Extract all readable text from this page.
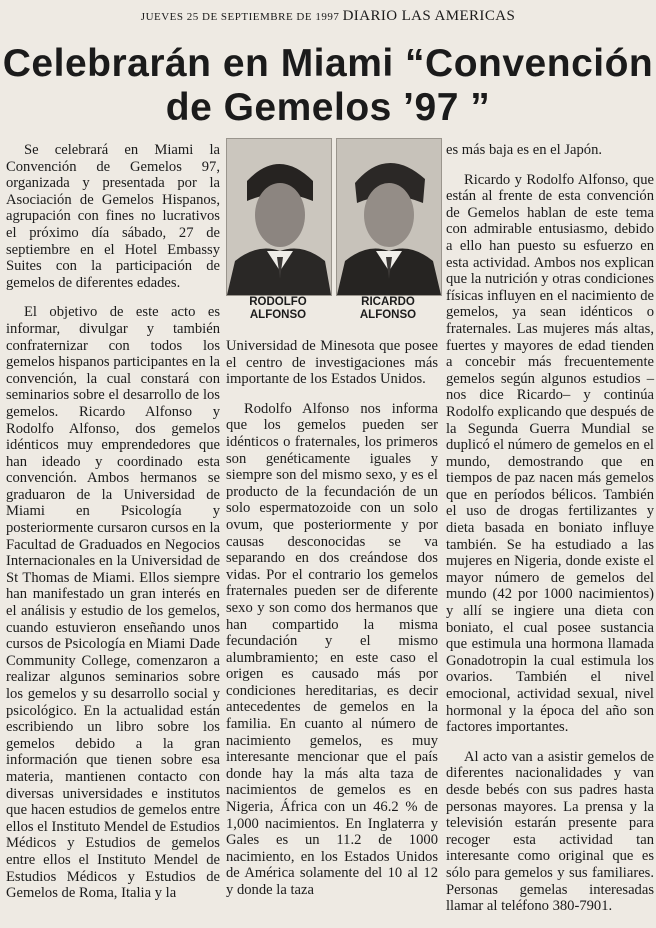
JUEVES 25 DE SEPTIEMBRE DE 1997 DIARIO LAS AMERICAS
Celebrarán en Miami “Convención
de Gemelos ’97 ”

Se celebrará en Miami la Convención de Gemelos 97, organizada y presentada por la Asociación de Gemelos Hispanos, agrupación con fines no lucrativos el próximo día sábado, 27 de septiembre en el Hotel Embassy Suites con la participación de gemelos de diferentes edades.

El objetivo de este acto es informar, divulgar y también confraternizar con todos los gemelos hispanos participantes en la convención, la cual constará con seminarios sobre el desarrollo de los gemelos. Ricardo Alfonso y Rodolfo Alfonso, dos gemelos idénticos muy emprendedores que han ideado y coordinado esta convención. Ambos hermanos se graduaron de la Universidad de Miami en Psicología y posteriormente cursaron cursos en la Facultad de Graduados en Negocios Internacionales en la Universidad de St Thomas de Miami. Ellos siempre han manifestado un gran interés en el análisis y estudio de los gemelos, cuando estuvieron enseñando unos cursos de Psicología en Miami Dade Community College, comenzaron a realizar algunos seminarios sobre los gemelos y su desarrollo social y psicológico. En la actualidad están escribiendo un libro sobre los gemelos debido a la gran información que tienen sobre esa materia, mantienen contacto con diversas universidades e institutos que hacen estudios de gemelos entre ellos el Instituto Mendel de Estudios Médicos y Estudios de gemelos entre ellos el Instituto Mendel de Estudios Médicos y Estudios de Gemelos de Roma, Italia y la

RODOLFO
ALFONSO
RICARDO
ALFONSO

Universidad de Minesota que posee el centro de investigaciones más importante de los Estados Unidos.

Rodolfo Alfonso nos informa que los gemelos pueden ser idénticos o fraternales, los primeros son genéticamente iguales y siempre son del mismo sexo, y es el producto de la fecundación de un solo espermatozoide con un solo ovum, que posteriormente y por causas desconocidas se va separando en dos creándose dos vidas. Por el contrario los gemelos fraternales pueden ser de diferente sexo y son como dos hermanos que han compartido la misma fecundación y el mismo alumbramiento; en este caso el origen es causado más por condiciones hereditarias, es decir antecedentes de gemelos en la familia. En cuanto al número de nacimiento gemelos, es muy interesante mencionar que el país donde hay la más alta taza de nacimientos de gemelos es en Nigeria, África con un 46.2 % de 1,000 nacimientos. En Inglaterra y Gales es un 11.2 de 1000 nacimiento, en los Estados Unidos de América solamente del 10 al 12 y donde la taza

es más baja es en el Japón.

Ricardo y Rodolfo Alfonso, que están al frente de esta convención de Gemelos hablan de este tema con admirable entusiasmo, debido a ello han puesto su esfuerzo en esta actividad. Ambos nos explican que la nutrición y otras condiciones físicas influyen en el nacimiento de gemelos, ya sean idénticos o fraternales. Las mujeres más altas, fuertes y mayores de edad tienden a concebir más frecuentemente gemelos según algunos estudios –nos dice Ricardo– y continúa Rodolfo explicando que después de la Segunda Guerra Mundial se duplicó el número de gemelos en el mundo, demostrando que en tiempos de paz nacen más gemelos que en períodos bélicos. También el uso de drogas fertilizantes y dieta basada en boniato influye también. Se ha estudiado a las mujeres en Nigeria, donde existe el mayor número de gemelos del mundo (42 por 1000 nacimientos) y allí se ingiere una dieta con boniato, el cual posee sustancia que estimula una hormona llamada Gonadotropin la cual estimula los ovarios. También el nivel emocional, actividad sexual, nivel hormonal y la época del año son factores importantes.

Al acto van a asistir gemelos de diferentes nacionalidades y van desde bebés con sus padres hasta personas mayores. La prensa y la televisión estarán presente para recoger esta actividad tan interesante como original que es sólo para gemelos y sus familiares. Personas gemelas interesadas llamar al teléfono 380-7901.
